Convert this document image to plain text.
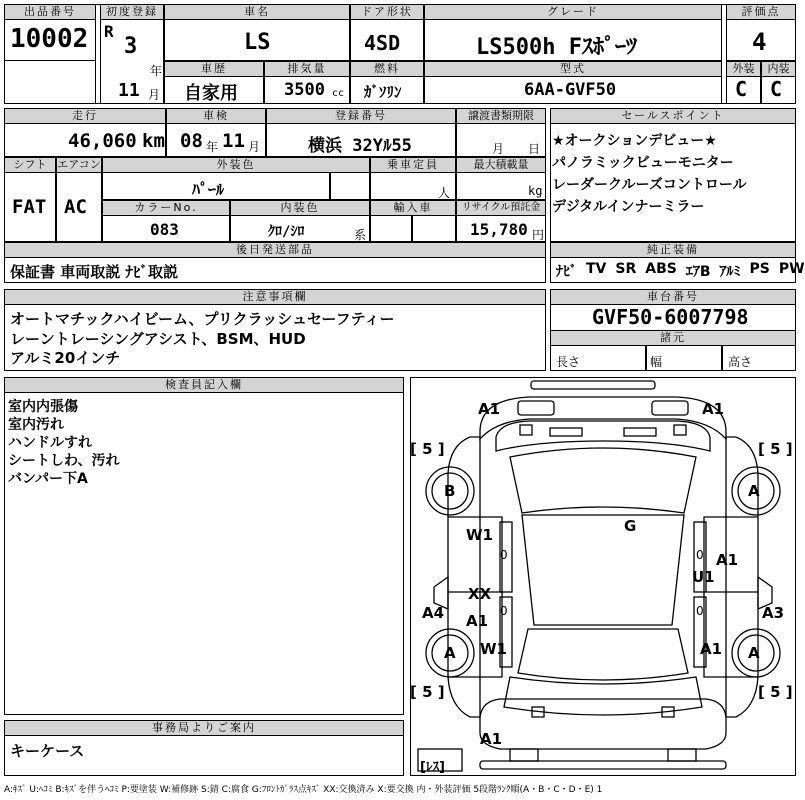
出品番号
10002
初度登録
R
3
年
11 月
車名
LS
ドア形状
4SD
グレード
LS500h Fｽﾎﾟｰﾂ
評価点
4
車歴
自家用
排気量
3500 cc
燃料
ｶﾞｿﾘﾝ
型式
6AA-GVF50
外装
C
内装
C
走行
46,060 km
車検
08 年 11 月
登録番号
横浜 32Yﾙ55
譲渡書類期限
月 日
シフト
FAT
エアコン
AC
外装色
ﾊﾟｰﾙ
乗車定員
人
最大積載量
kg
カラーNo.
083
内装色
ｸﾛ/ｼﾛ	系
輸入車	リサイクル預託金
15,780 円
後日発送部品
保証書 車両取説 ﾅﾋﾞ取説
セールスポイント
★オークションデビュー★
パノラミックビューモニター
レーダークルーズコントロール
デジタルインナーミラー
純正装備
ﾅﾋﾞ TV SR ABS ｴｱB ｱﾙﾐ PS PW
注意事項欄
オートマチックハイビーム、プリクラッシュセーフティー
レーントレーシングアシスト、BSM、HUD
アルミ20インチ
車台番号
GVF50-6007798
諸元
長さ	幅	高さ
検査員記入欄
室内内張傷
室内汚れ
ハンドルすれ
シートしわ、汚れ
バンパー下A
事務局よりご案内
キーケース
A1	A1
[ 5 ]	[ 5 ]
B	A
G
W1
0	0 A1
U1
XX
0	0
A4	A3
A1
W1	A1
A	A
[ 5 ]	[ 5 ]
A1
[ﾚｽ]
A:ｷｽﾞ U:ﾍｺﾐ B:ｷｽﾞを伴うﾍｺﾐ P:要塗装 W:補修跡 S:錆 C:腐食 G:ﾌﾛﾝﾄｶﾞﾗｽ点ｷｽﾞ XX:交換済み X:要交換 内・外装評価 5段階ﾗﾝｸ順(A・B・C・D・E) 1
